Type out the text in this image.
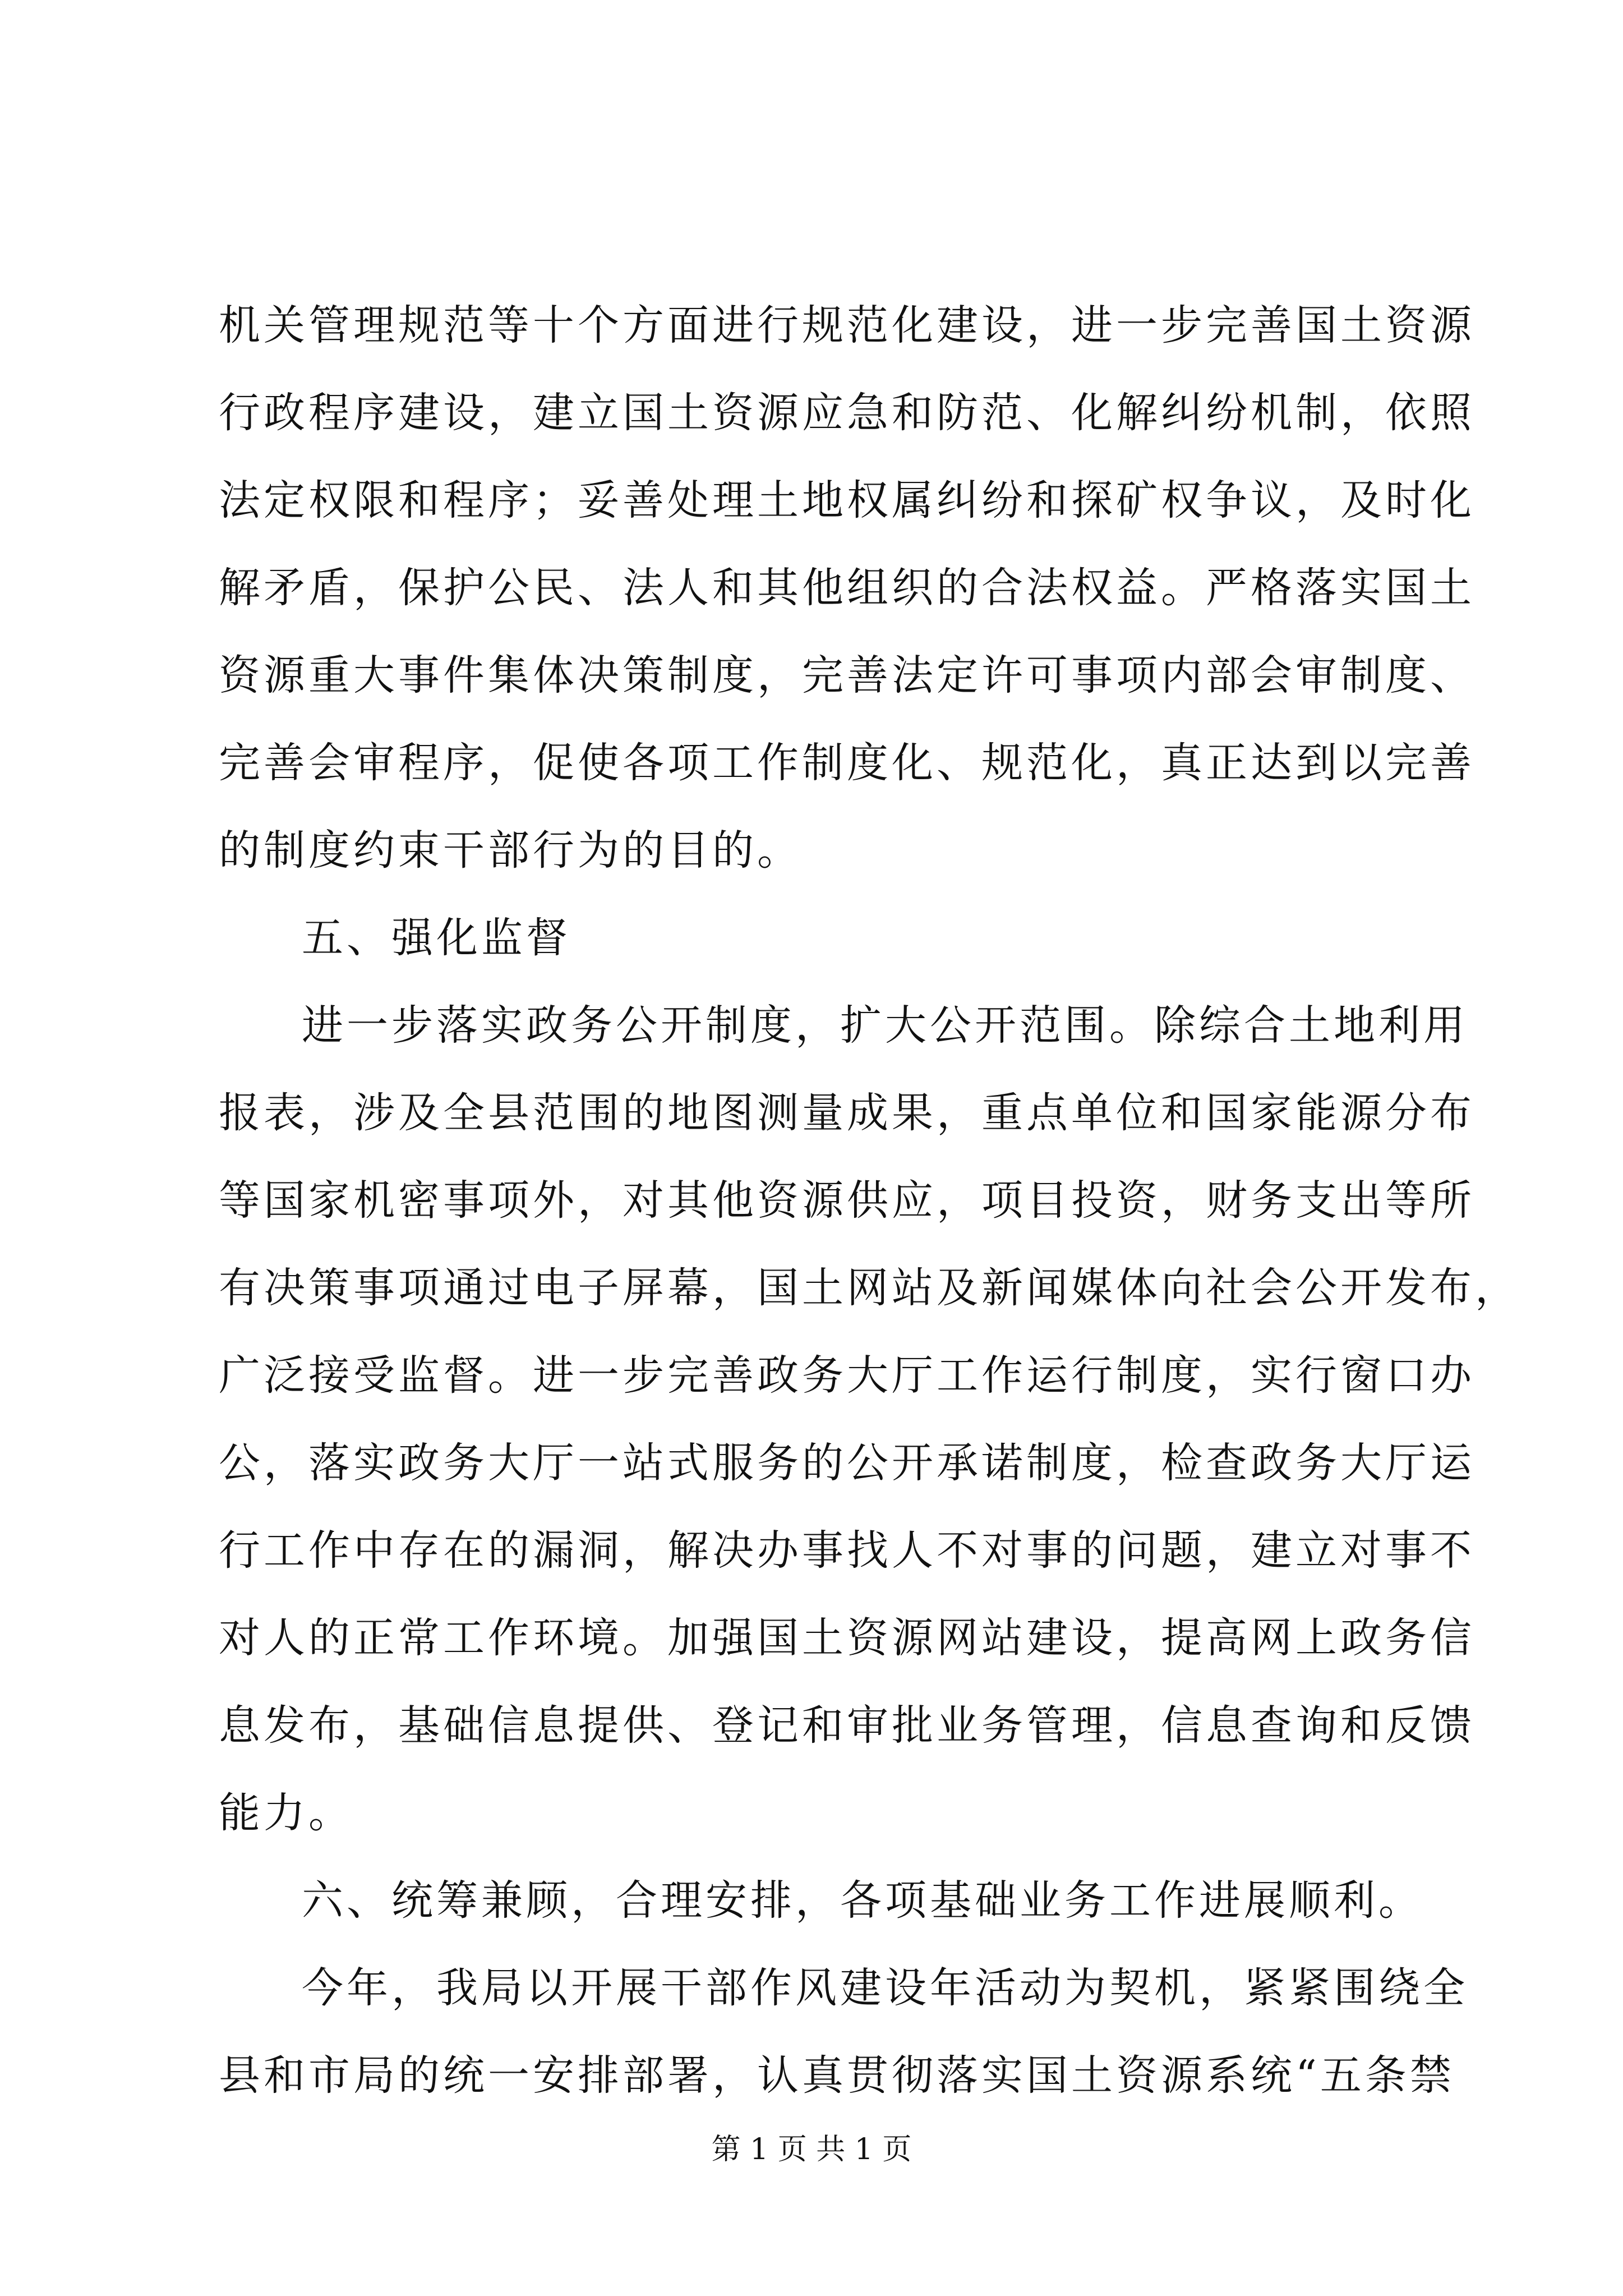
机关管理规范等十个方面进行规范化建设，进一步完善国土资源
行政程序建设，建立国土资源应急和防范、化解纠纷机制，依照
法定权限和程序；妥善处理土地权属纠纷和探矿权争议，及时化
解矛盾，保护公民、法人和其他组织的合法权益。严格落实国土
资源重大事件集体决策制度，完善法定许可事项内部会审制度、
完善会审程序，促使各项工作制度化、规范化，真正达到以完善
的制度约束干部行为的目的。
五、强化监督
进一步落实政务公开制度，扩大公开范围。除综合土地利用
报表，涉及全县范围的地图测量成果，重点单位和国家能源分布
等国家机密事项外，对其他资源供应，项目投资，财务支出等所
有决策事项通过电子屏幕，国土网站及新闻媒体向社会公开发布，
广泛接受监督。进一步完善政务大厅工作运行制度，实行窗口办
公，落实政务大厅一站式服务的公开承诺制度，检查政务大厅运
行工作中存在的漏洞，解决办事找人不对事的问题，建立对事不
对人的正常工作环境。加强国土资源网站建设，提高网上政务信
息发布，基础信息提供、登记和审批业务管理，信息查询和反馈
能力。
六、统筹兼顾，合理安排，各项基础业务工作进展顺利。
今年，我局以开展干部作风建设年活动为契机，紧紧围绕全
县和市局的统一安排部署，认真贯彻落实国土资源系统“五条禁
第 1 页 共 1 页
